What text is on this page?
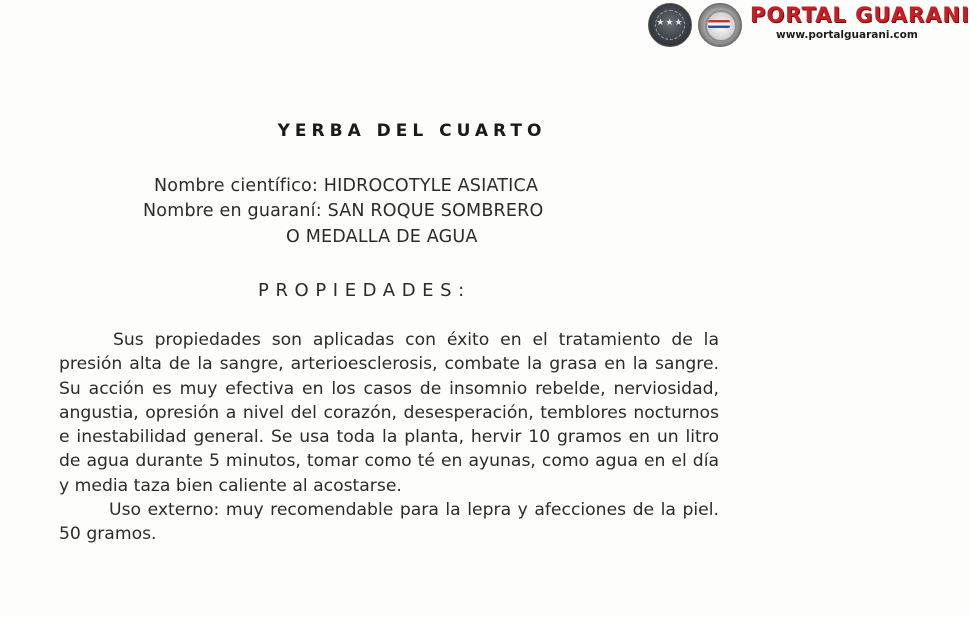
★★★	PORTAL GUARANI
www.portalguarani.com
YERBA DEL CUARTO
Nombre científico: HIDROCOTYLE ASIATICA
Nombre en guaraní: SAN ROQUE SOMBRERO
O MEDALLA DE AGUA
PROPIEDADES:

Sus propiedades son aplicadas con éxito en el tratamiento de la presión alta de la sangre, arterioesclerosis, combate la grasa en la sangre. Su acción es muy efectiva en los casos de insomnio rebelde, nerviosidad, angustia, opresión a nivel del corazón, desesperación, temblores nocturnos e inestabilidad general. Se usa toda la planta, hervir 10 gramos en un litro de agua durante 5 minutos, tomar como té en ayunas, como agua en el día y media taza bien caliente al acostarse.

Uso externo: muy recomendable para la lepra y afecciones de la piel. 50 gramos.
